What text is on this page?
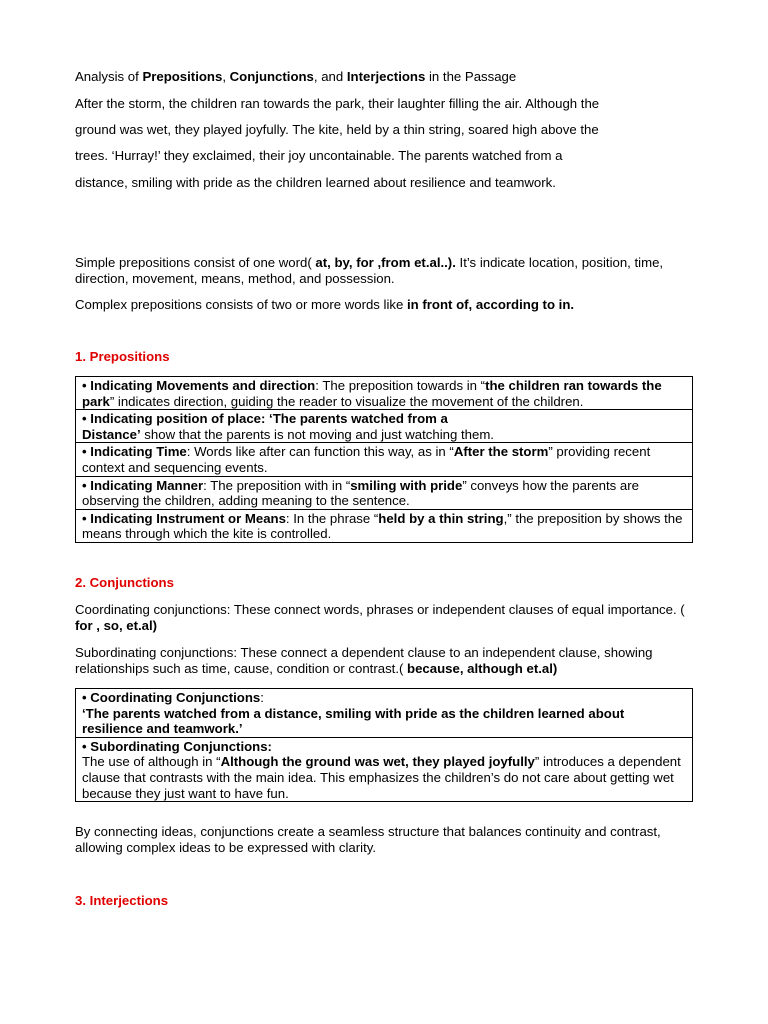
Analysis of Prepositions, Conjunctions, and Interjections in the Passage

After the storm, the children ran towards the park, their laughter filling the air. Although the
ground was wet, they played joyfully. The kite, held by a thin string, soared high above the
trees. ‘Hurray!’ they exclaimed, their joy uncontainable. The parents watched from a
distance, smiling with pride as the children learned about resilience and teamwork.

Simple prepositions consist of one word( at, by, for ,from et.al..). It’s indicate location, position, time, direction, movement, means, method, and possession.

Complex prepositions consists of two or more words like in front of, according to in.

1. Prepositions

• Indicating Movements and direction: The preposition towards in “the children ran towards the park” indicates direction, guiding the reader to visualize the movement of the children.
• Indicating position of place: ‘The parents watched from a
Distance’ show that the parents is not moving and just watching them.
• Indicating Time: Words like after can function this way, as in “After the storm” providing recent context and sequencing events.
• Indicating Manner: The preposition with in “smiling with pride” conveys how the parents are observing the children, adding meaning to the sentence.
• Indicating Instrument or Means: In the phrase “held by a thin string,” the preposition by shows the means through which the kite is controlled.

2. Conjunctions

Coordinating conjunctions: These connect words, phrases or independent clauses of equal importance. ( for , so, et.al)

Subordinating conjunctions: These connect a dependent clause to an independent clause, showing relationships such as time, cause, condition or contrast.( because, although et.al)

• Coordinating Conjunctions:
‘The parents watched from a distance, smiling with pride as the children learned about resilience and teamwork.’
• Subordinating Conjunctions:
The use of although in “Although the ground was wet, they played joyfully” introduces a dependent clause that contrasts with the main idea. This emphasizes the children’s do not care about getting wet because they just want to have fun.

By connecting ideas, conjunctions create a seamless structure that balances continuity and contrast, allowing complex ideas to be expressed with clarity.

3. Interjections
